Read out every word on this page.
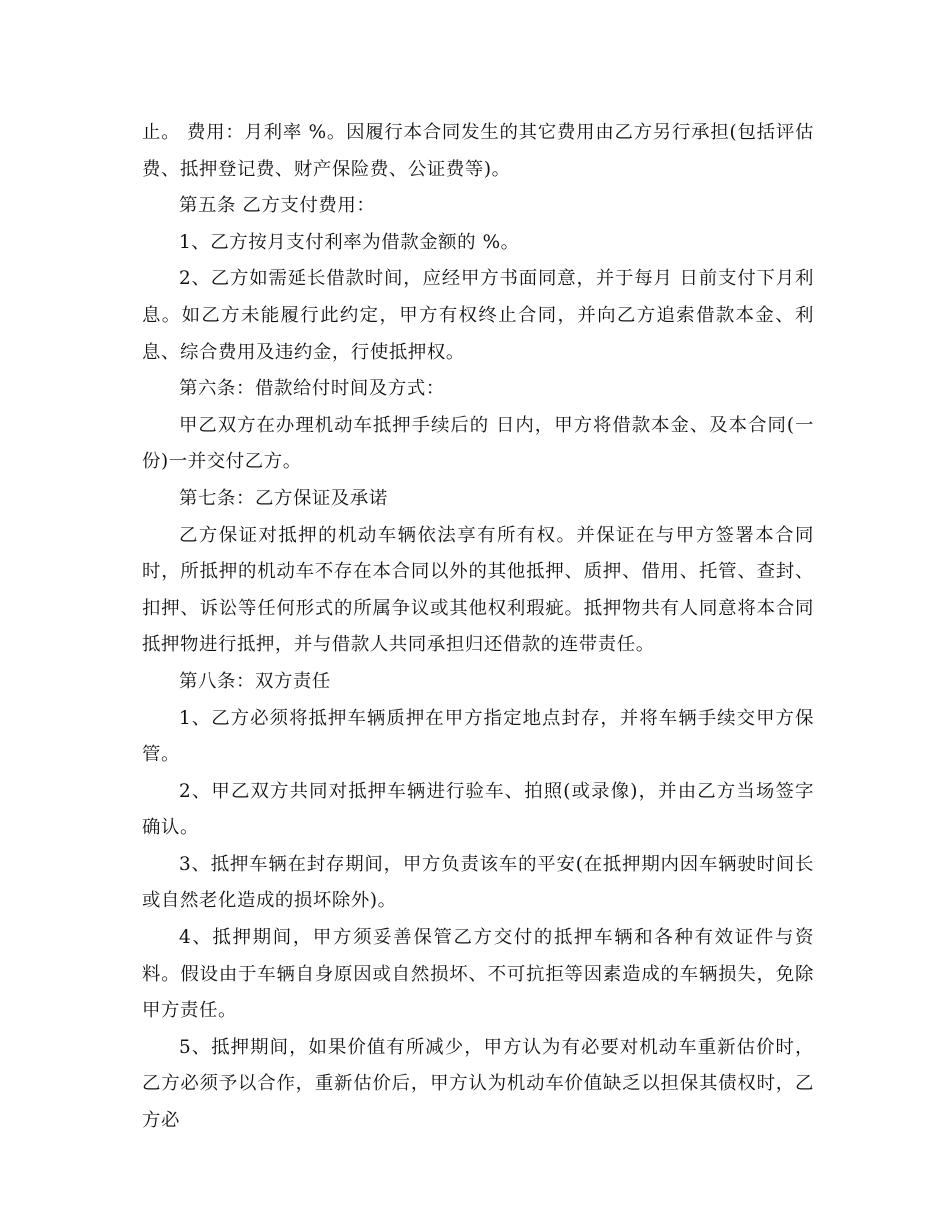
止。 费用：月利率 %。因履行本合同发生的其它费用由乙方另行承担(包括评估费、抵押登记费、财产保险费、公证费等)。

第五条 乙方支付费用：

1、乙方按月支付利率为借款金额的 %。

2、乙方如需延长借款时间，应经甲方书面同意，并于每月 日前支付下月利息。如乙方未能履行此约定，甲方有权终止合同，并向乙方追索借款本金、利息、综合费用及违约金，行使抵押权。

第六条：借款给付时间及方式：

甲乙双方在办理机动车抵押手续后的 日内，甲方将借款本金、及本合同(一份)一并交付乙方。

第七条：乙方保证及承诺

乙方保证对抵押的机动车辆依法享有所有权。并保证在与甲方签署本合同时，所抵押的机动车不存在本合同以外的其他抵押、质押、借用、托管、查封、扣押、诉讼等任何形式的所属争议或其他权利瑕疵。抵押物共有人同意将本合同抵押物进行抵押，并与借款人共同承担归还借款的连带责任。

第八条：双方责任

1、乙方必须将抵押车辆质押在甲方指定地点封存，并将车辆手续交甲方保管。

2、甲乙双方共同对抵押车辆进行验车、拍照(或录像)，并由乙方当场签字确认。

3、抵押车辆在封存期间，甲方负责该车的平安(在抵押期内因车辆驶时间长或自然老化造成的损坏除外)。

4、抵押期间，甲方须妥善保管乙方交付的抵押车辆和各种有效证件与资料。假设由于车辆自身原因或自然损坏、不可抗拒等因素造成的车辆损失，免除甲方责任。

5、抵押期间，如果价值有所减少，甲方认为有必要对机动车重新估价时，乙方必须予以合作，重新估价后，甲方认为机动车价值缺乏以担保其债权时，乙方必
